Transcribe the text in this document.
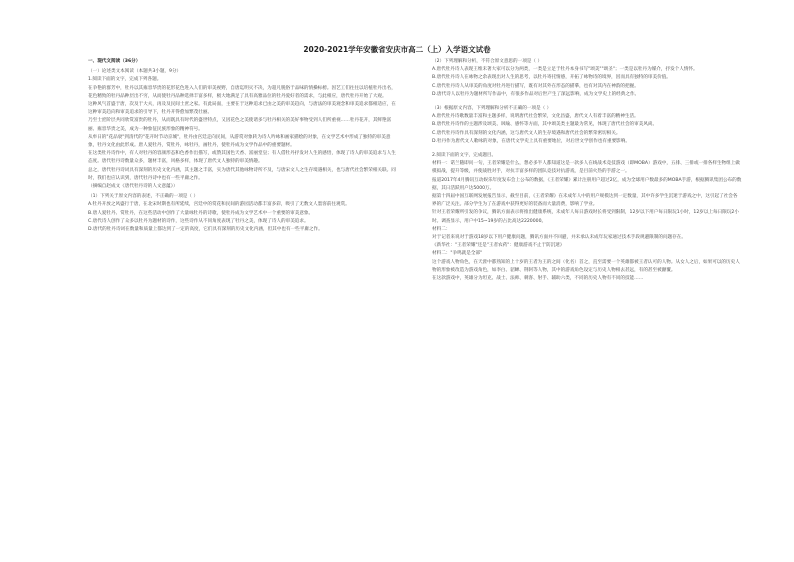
2020-2021学年安徽省安庆市高二（上）入学语文试卷

一、现代文阅读（36分）

（一）论述类文本阅读（本题共3小题，9分）

1.阅读下面的文字，完成下列各题。

在争艳的群芳中，牡丹以其雍容华贵的花形花色进入人们的审美视野，自唐迄明灭不决，为超凡脱俗于品味的情操标榜。因艺工们往往以培植牡丹出名，花色精致的牡丹品种层出不穷，从而使牡丹品种选择丰富多样，极大地满足了具有高雅品位的牡丹爱好者的需求，与此相应，唐代牡丹开始了大观。

这种风气首盛于唐，次及于大夫，再及及民间士庶之家。有此局面，主要在于这种追求已由之美的审美趋向，与唐法的审美观念和审美追求都相适应，在这种审美趋向和审美追求的引导下，牡丹开得愈加繁茂壮丽。

乃至士庶阶层共同欣赏富贵的牡丹，从而既具有时代的盛世特点，又因花色之美使诸多与牡丹相关的美好事物受到人们所重视……牡丹花开，其鲜艳富丽、雍容华贵之美，成为一种象征民族形象的精神符号。

从牟日的"花品衰"到清代的"花开时节动京城"，牡丹由宫廷走向民间，从游赏对象转为诗人吟咏和画家描绘的对象，在文学艺术中形成了独特的审美意象，牡丹文化由此形成。唐人爱牡丹，赏牡丹，咏牡丹，画牡丹，使牡丹成为文学作品中的重要题材。

在这类牡丹诗作中，有人对牡丹的容颜形态和色香作出描写，或赞其国色天香、富丽堂皇；有人借牡丹抒发对人生的感悟，体现了诗人的审美追求与人生态度。唐代牡丹诗数量众多，题材丰富，风格多样，体现了唐代文人独特的审美情趣。

总之，唐代牡丹诗词具有深刻的历史文化内涵，其主题之丰富，实为唐代其他咏物诗所不及，与唐宋文人之生存境遇相关，也与唐代社会繁荣相关联。同时，我们也应认识到，唐代牡丹诗中也有一些平庸之作。

（摘编自赵成文《唐代牡丹诗的人文意蕴》）

（1）下列关于原文内容的表述，不正确的一项是（ ）

A.牡丹开放之风盛行于唐，在北宋时期也有所延续，宫廷中的赏花和民间的游园活动都丰富多彩，吸引了无数文人墨客前往观赏。

B.唐人爱牡丹、赏牡丹，在这些活动中创作了大量咏牡丹的诗歌，使牡丹成为文学艺术中一个重要的审美意象。

C.唐代诗人创作了众多以牡丹为题材的诗作，这些诗作从不同角度表现了牡丹之美，体现了诗人的审美追求。

D.唐代的牡丹诗词在数量和质量上都达到了一定的高度，它们具有深刻的历史文化内涵，但其中也有一些平庸之作。

（2）下列理解和分析，不符合原文意思的一项是（ ）

A.唐代牡丹诗人表现王维未著大家可以分为两类，一类是立足于牡丹本身书写"颂美""颂圣"；一类是以牡丹为媒介，抒发个人情怀。

B.唐代牡丹诗人在咏物之余表现出对人生的思考，以牡丹寄托情感，开拓了咏物诗的境界，因而具有独特的审美价值。

C.唐代牡丹诗人从审美的角度对牡丹进行描写，既有对其外在形态的描摹，也有对其内在神韵的把握。

D.唐代诗人以牡丹为题材所写作品中，有很多作品对后世产生了深远影响，成为文学史上的经典之作。

（3）根据原文内容，下列理解和分析不正确的一项是（ ）

A.唐代牡丹诗歌数量丰富和主题多样，说明唐代社会繁荣，文化昌盛，唐代文人有着丰富的精神生活。

B.唐代牡丹诗作的主题涉及颂美、讽喻、感怀等方面，其中颂美类主题最为常见，体现了唐代社会的审美风尚。

C.唐代牡丹诗作具有深刻的文化内涵，这与唐代文人的生存境遇和唐代社会的繁荣密切相关。

D.牡丹作为唐代文人歌咏的对象，在唐代文学史上具有重要地位，对后世文学创作也有重要影响。

2.阅读下面的文字，完成题目。

材料一：诺兰随即问一句，王者荣耀是什么，想必多半人都知道这是一款多人在线战术竞技游戏（即MOBA）游戏中，五排、三排或一排各样生物组上做模拟战，提升等级，并使战胜对手，对抗丰富多样的团队竞技对抗游戏，是目前火热的手游之一。

报道2017年4月腾讯互动娱乐年度发布会上公布的数据，《王者荣耀》累计注册用户超过2亿，成为全球用户数最多的MOBA手游，根据腾讯集团公布的数据，其日活跃用户达5000万。

据第十四届中国互联网发展报告显示，截至目前，《王者荣耀》在未成年人中的用户规模达到一定数量，其中许多学生沉迷于游戏之中，这引起了社会各界的广泛关注。部分学生为了在游戏中获得更好的装备而大量消费，影响了学业。

针对王者荣耀所引发的争议，腾讯方面表示将推出健康系统，未成年人每日游戏时长将受到限制，12岁以下用户每日限玩1小时，12岁以上每日限玩2小时。调查显示，用户中15~19岁的占比高达2220000。

材料二：

对于记者来说对于游戏18岁以下用户健康问题，腾讯方面并不回避，并未承认未成年玩家通过技术手段规避限制的问题存在。

《新华社："王者荣耀"还是"王者农药"：健康游戏不止于防沉迷》

材料二："争鸣就是全部"

这个游戏人物角色，在天涯中都熟知的上十岁的王者为王的之间（化名）首之，直至需要一个英雄都被王者认可的人物。从女人之后，如果可以的历史人物的形象被改造为游戏角色，如李白、貂蝉、荆轲等人物，其中的游戏角色设定与历史人物相去甚远，有的甚至被颠覆。

在这款游戏中，英雄分为坦克、战士、法师、刺客、射手、辅助六类，不同的历史人物有不同的技能……
